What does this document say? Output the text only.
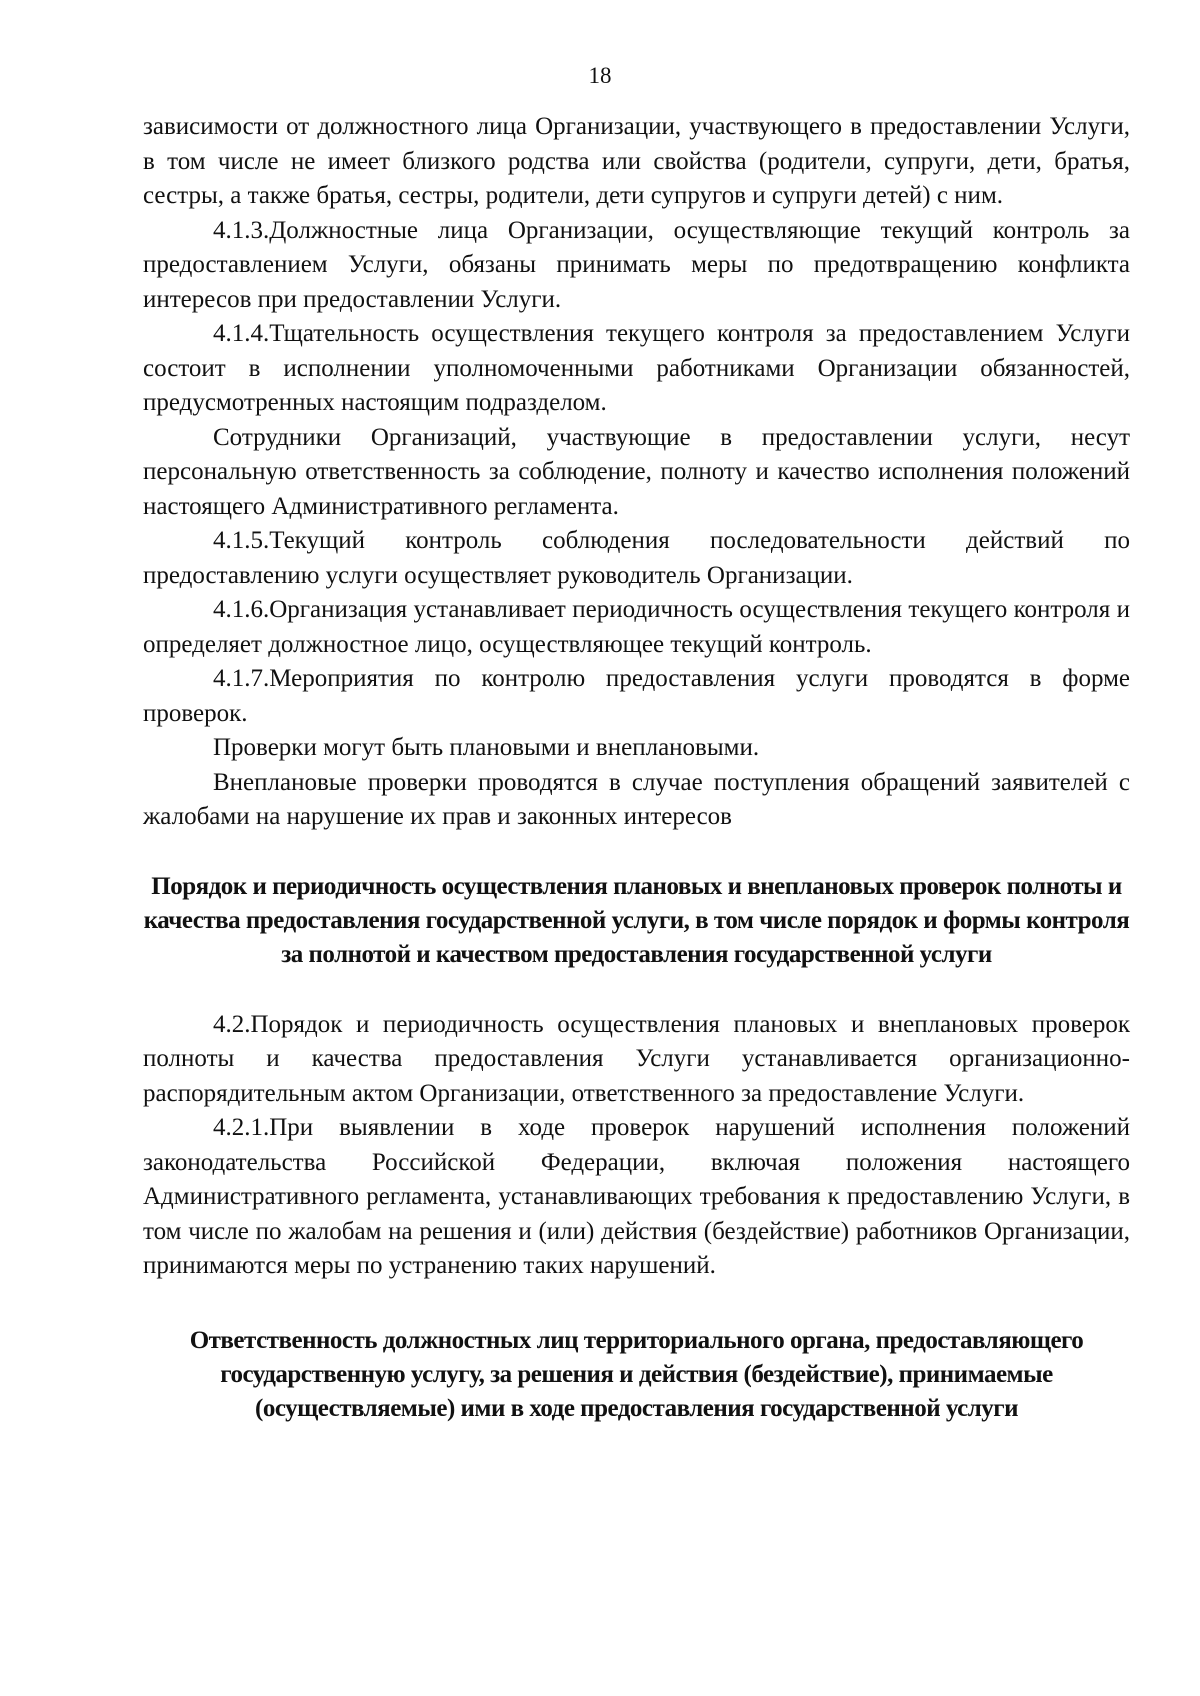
18

зависимости от должностного лица Организации, участвующего в предоставлении Услуги, в том числе не имеет близкого родства или свойства (родители, супруги, дети, братья, сестры, а также братья, сестры, родители, дети супругов и супруги детей) с ним.

4.1.3.Должностные лица Организации, осуществляющие текущий контроль за предоставлением Услуги, обязаны принимать меры по предотвращению конфликта интересов при предоставлении Услуги.

4.1.4.Тщательность осуществления текущего контроля за предоставлением Услуги состоит в исполнении уполномоченными работниками Организации обязанностей, предусмотренных настоящим подразделом.

Сотрудники Организаций, участвующие в предоставлении услуги, несут персональную ответственность за соблюдение, полноту и качество исполнения положений настоящего Административного регламента.

4.1.5.Текущий контроль соблюдения последовательности действий по предоставлению услуги осуществляет руководитель Организации.

4.1.6.Организация устанавливает периодичность осуществления текущего контроля и определяет должностное лицо, осуществляющее текущий контроль.

4.1.7.Мероприятия по контролю предоставления услуги проводятся в форме проверок.

Проверки могут быть плановыми и внеплановыми.

Внеплановые проверки проводятся в случае поступления обращений заявителей с жалобами на нарушение их прав и законных интересов

Порядок и периодичность осуществления плановых и внеплановых проверок полноты и качества предоставления государственной услуги, в том числе порядок и формы контроля за полнотой и качеством предоставления государственной услуги

4.2.Порядок и периодичность осуществления плановых и внеплановых проверок полноты и качества предоставления Услуги устанавливается организационно-распорядительным актом Организации, ответственного за предоставление Услуги.

4.2.1.При выявлении в ходе проверок нарушений исполнения положений законодательства Российской Федерации, включая положения настоящего Административного регламента, устанавливающих требования к предоставлению Услуги, в том числе по жалобам на решения и (или) действия (бездействие) работников Организации, принимаются меры по устранению таких нарушений.

Ответственность должностных лиц территориального органа, предоставляющего государственную услугу, за решения и действия (бездействие), принимаемые (осуществляемые) ими в ходе предоставления государственной услуги
